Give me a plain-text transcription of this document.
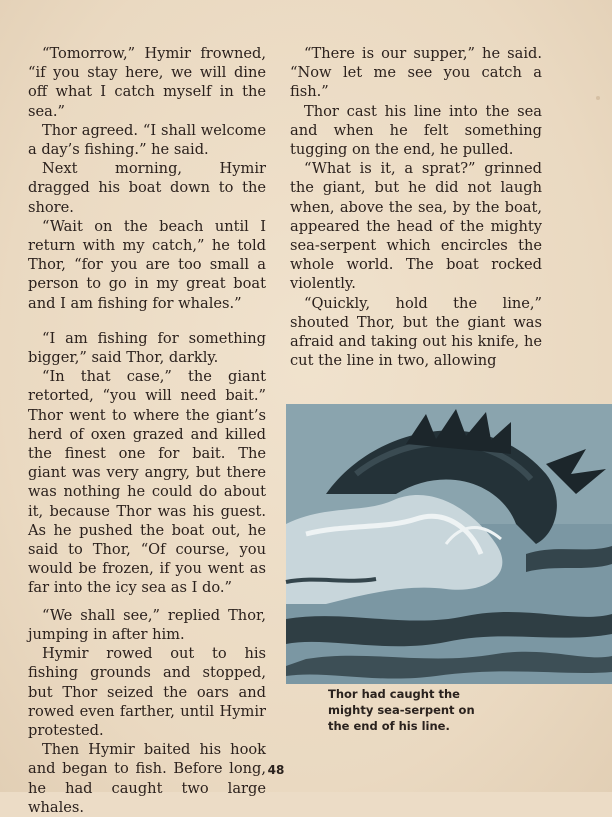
“Tomorrow,” Hymir frowned, “if you stay here, we will dine off what I catch myself in the sea.”

Thor agreed. “I shall welcome a day’s fishing.” he said.

Next morning, Hymir dragged his boat down to the shore.

“Wait on the beach until I return with my catch,” he told Thor, “for you are too small a person to go in my great boat and I am fishing for whales.”

“I am fishing for something bigger,” said Thor, darkly.

“In that case,” the giant retorted, “you will need bait.” Thor went to where the giant’s herd of oxen grazed and killed the finest one for bait. The giant was very angry, but there was nothing he could do about it, because Thor was his guest. As he pushed the boat out, he said to Thor, “Of course, you would be frozen, if you went as far into the icy sea as I do.”

“We shall see,” replied Thor, jumping in after him.

Hymir rowed out to his fishing grounds and stopped, but Thor seized the oars and rowed even farther, until Hymir protested.

Then Hymir baited his hook and began to fish. Before long, he had caught two large whales.

“There is our supper,” he said. “Now let me see you catch a fish.”

Thor cast his line into the sea and when he felt something tugging on the end, he pulled.

“What is it, a sprat?” grinned the giant, but he did not laugh when, above the sea, by the boat, appeared the head of the mighty sea-serpent which encircles the whole world. The boat rocked violently.

“Quickly, hold the line,” shouted Thor, but the giant was afraid and taking out his knife, he cut the line in two, allowing

Thor had caught the
mighty sea-serpent on
the end of his line.
48
